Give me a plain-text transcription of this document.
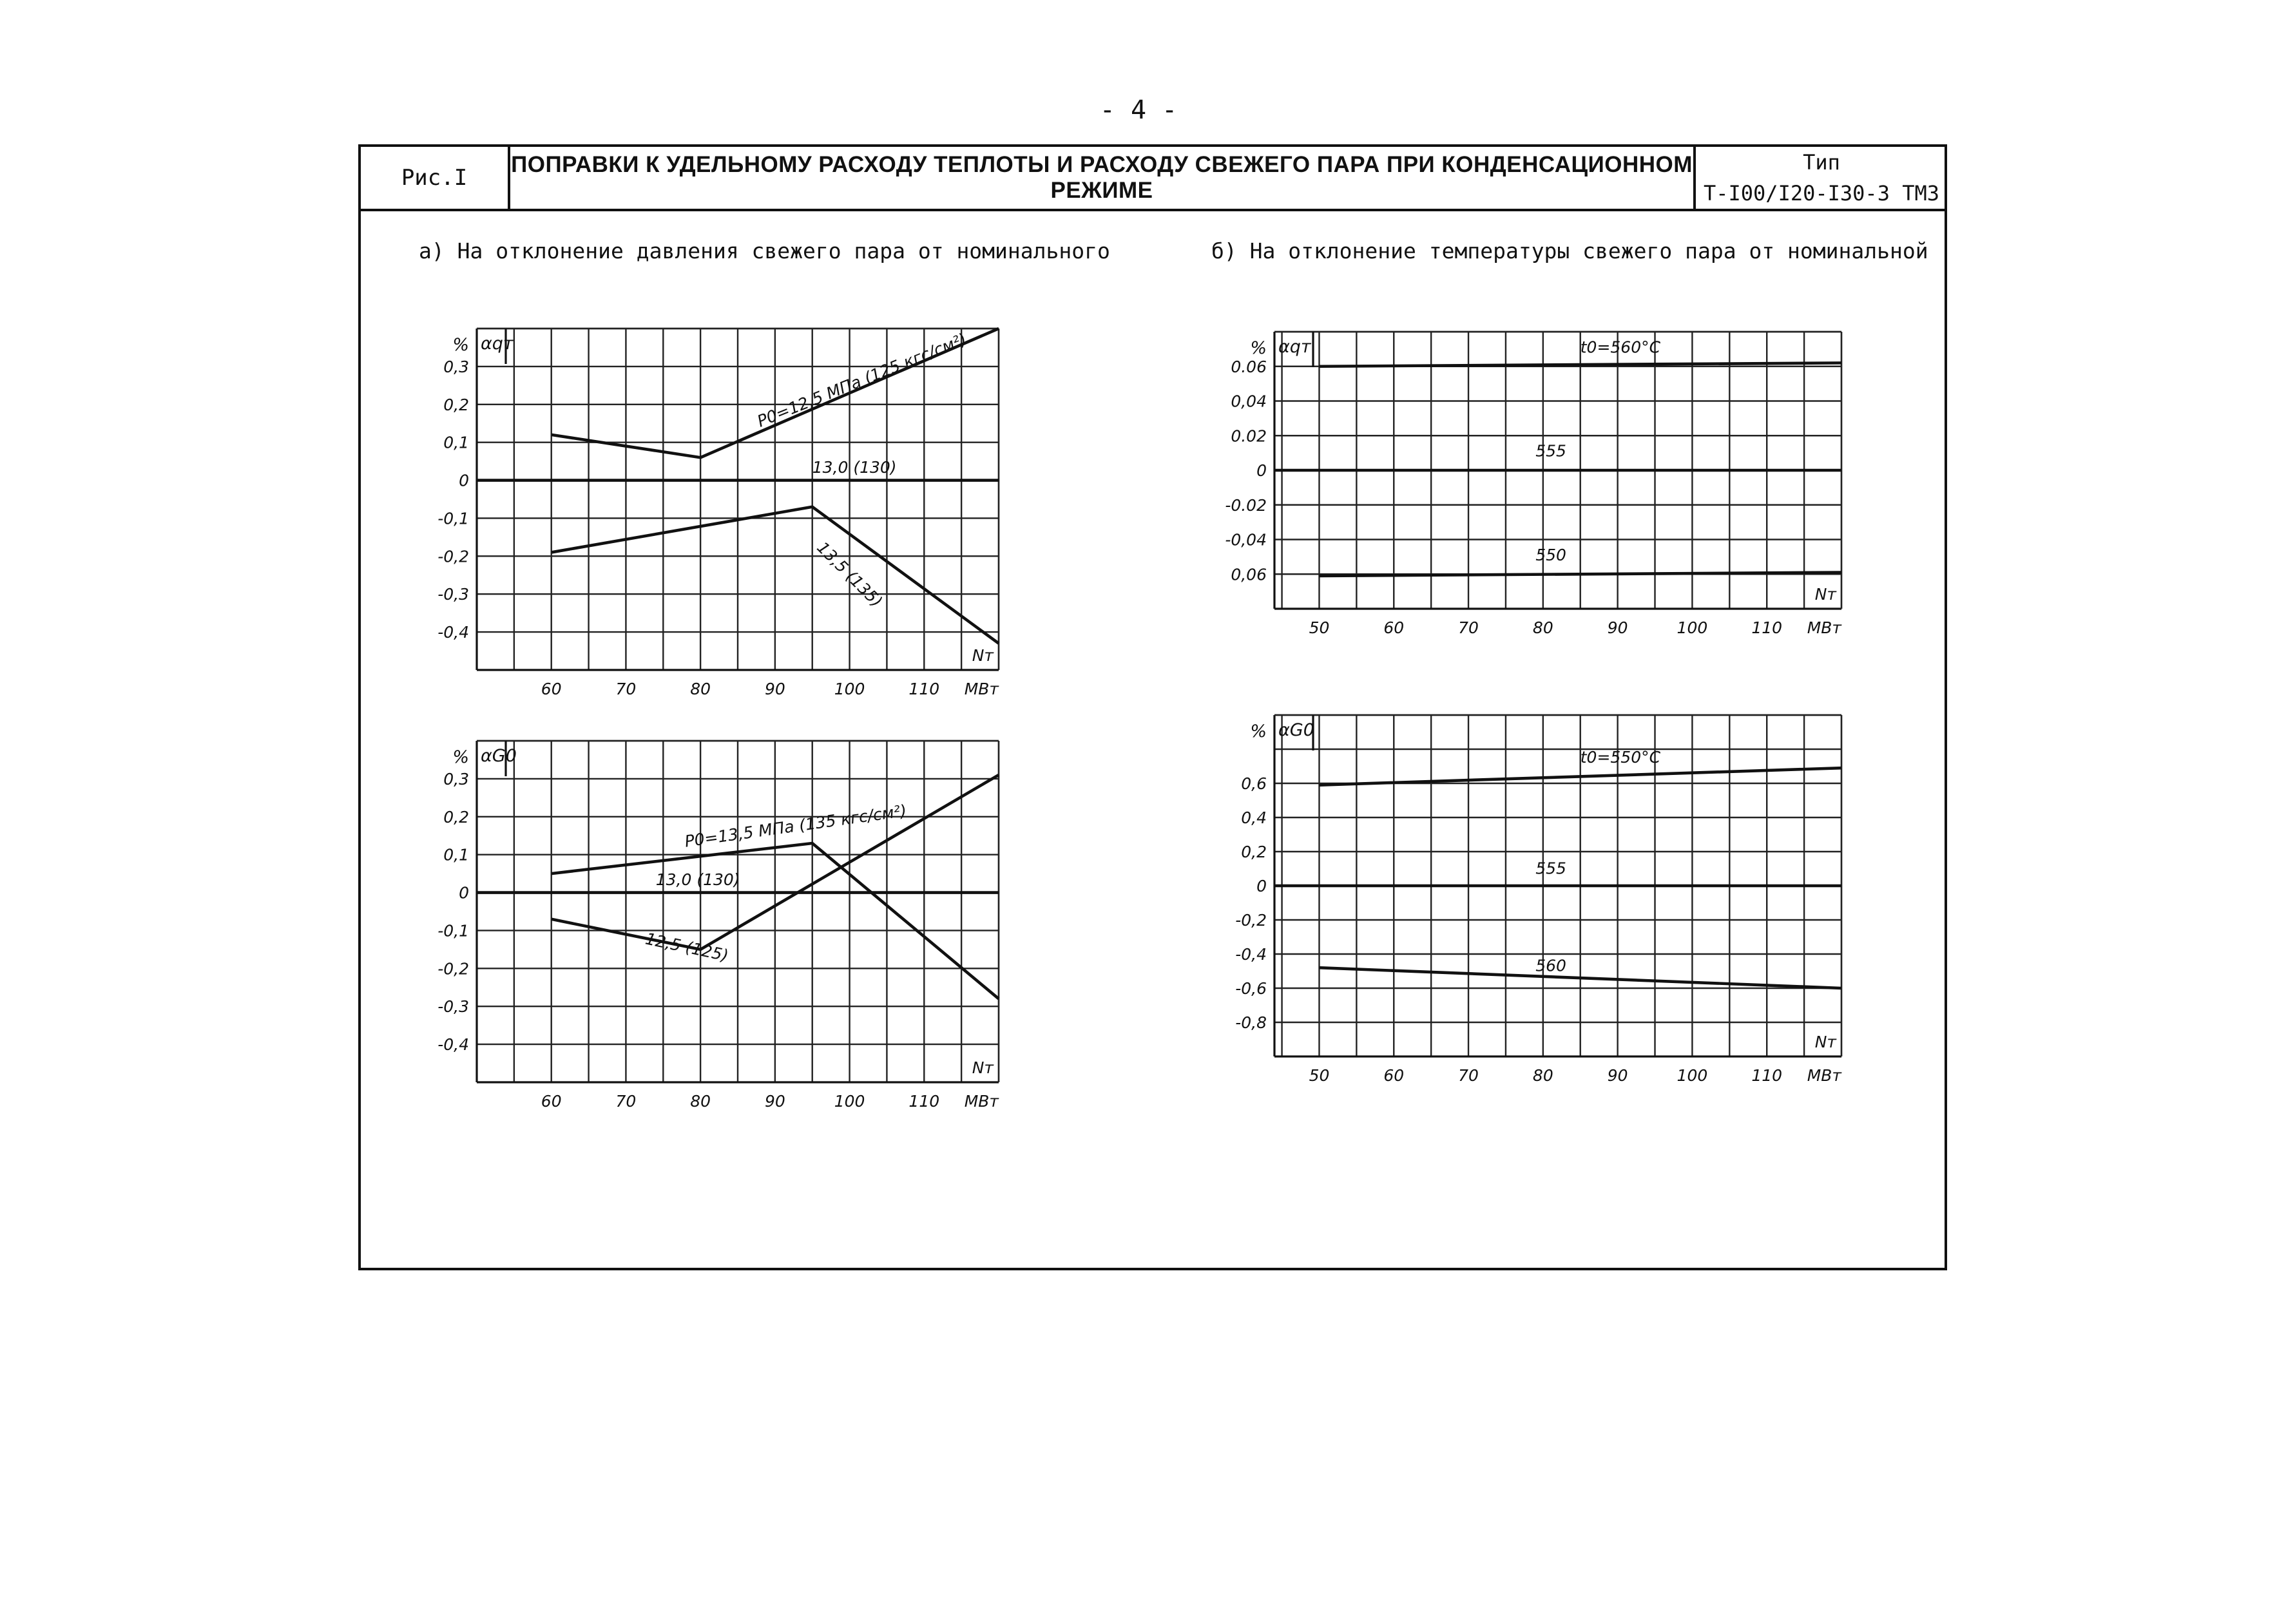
- 4 -
Рис.I
ПОПРАВКИ К УДЕЛЬНОМУ РАСХОДУ ТЕПЛОТЫ И РАСХОДУ СВЕЖЕГО ПАРА ПРИ КОНДЕНСАЦИОННОМ РЕЖИМЕ
Тип
Т-I00/I20-I30-3 ТМЗ
а) На отклонение давления свежего пара от номинального	б) На отклонение температуры свежего пара от номинальной
0,3
0,2
0,1
0
-0,1
-0,2
-0,3
-0,4
60	70	80	90	100	110
% αqт
Nт
МВт
P0=12,5 МПа (125 кгс/см²)
13,0 (130)
13,5 (135)
0,3
0,2
0,1
0
-0,1
-0,2
-0,3
-0,4
60	70	80	90	100	110
% αG0
Nт
МВт
P0=13,5 МПа (135 кгс/см²)
13,0 (130)
12,5 (125)
0.06
0,04
0.02
0
-0.02
-0,04
0,06
50	60	70	80	90	100	110
% αqт
Nт
МВт
t0=560°C
555
550
0,6
0,4
0,2
0
-0,2
-0,4
-0,6
-0,8
50	60	70	80	90	100	110
% αG0
Nт
МВт
t0=550°C
555
560
